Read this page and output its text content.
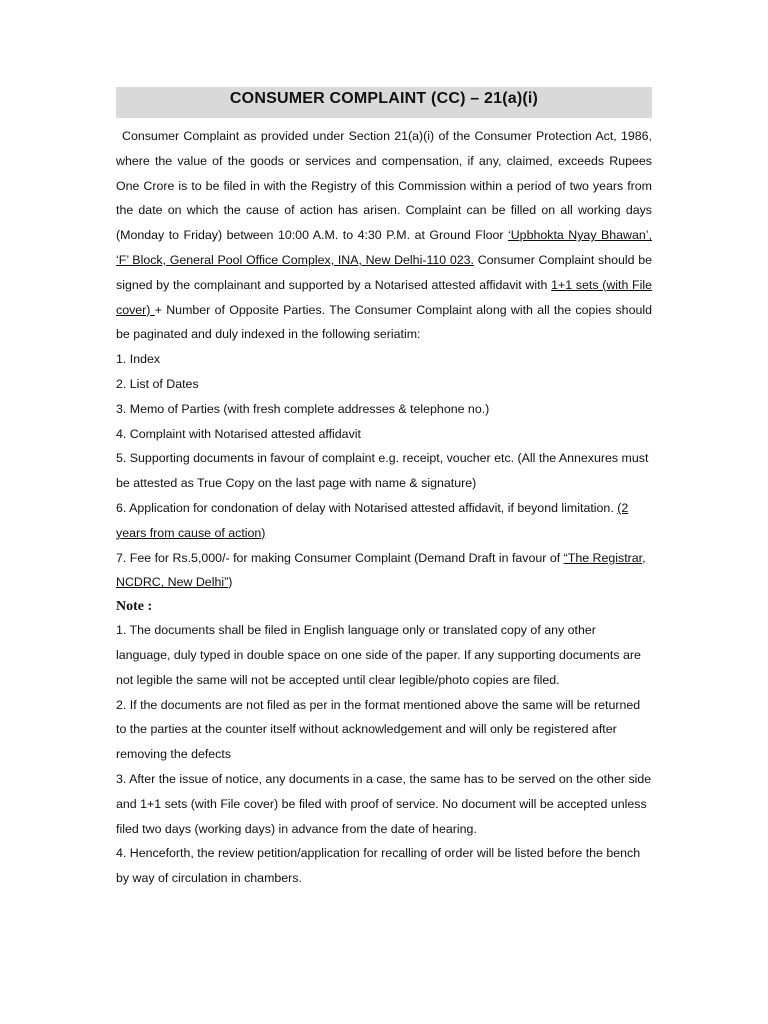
CONSUMER COMPLAINT (CC) – 21(a)(i)

Consumer Complaint as provided under Section 21(a)(i) of the Consumer Protection Act, 1986, where the value of the goods or services and compensation, if any, claimed, exceeds Rupees One Crore is to be filed in with the Registry of this Commission within a period of two years from the date on which the cause of action has arisen. Complaint can be filled on all working days (Monday to Friday) between 10:00 A.M. to 4:30 P.M. at Ground Floor ‘Upbhokta Nyay Bhawan’, ‘F’ Block, General Pool Office Complex, INA, New Delhi-110 023. Consumer Complaint should be signed by the complainant and supported by a Notarised attested affidavit with 1+1 sets (with File cover) + Number of Opposite Parties. The Consumer Complaint along with all the copies should be paginated and duly indexed in the following seriatim:

1. Index

2. List of Dates

3. Memo of Parties (with fresh complete addresses & telephone no.)

4. Complaint with Notarised attested affidavit

5. Supporting documents in favour of complaint e.g. receipt, voucher etc. (All the Annexures must be attested as True Copy on the last page with name & signature)

6. Application for condonation of delay with Notarised attested affidavit, if beyond limitation. (2 years from cause of action)

7. Fee for Rs.5,000/- for making Consumer Complaint (Demand Draft in favour of “The Registrar, NCDRC, New Delhi”)

Note :

1. The documents shall be filed in English language only or translated copy of any other language, duly typed in double space on one side of the paper. If any supporting documents are not legible the same will not be accepted until clear legible/photo copies are filed.

2. If the documents are not filed as per in the format mentioned above the same will be returned to the parties at the counter itself without acknowledgement and will only be registered after removing the defects

3. After the issue of notice, any documents in a case, the same has to be served on the other side and 1+1 sets (with File cover) be filed with proof of service. No document will be accepted unless filed two days (working days) in advance from the date of hearing.

4. Henceforth, the review petition/application for recalling of order will be listed before the bench by way of circulation in chambers.
